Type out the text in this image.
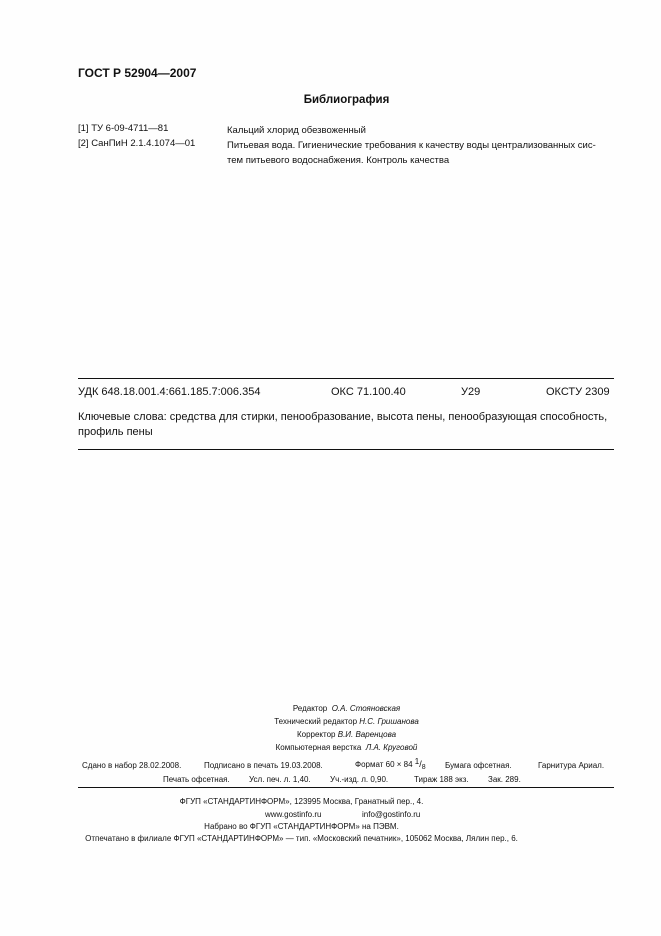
ГОСТ Р 52904—2007
Библиография
[1] ТУ 6-09-4711—81	Кальций хлорид обезвоженный
[2] СанПиН 2.1.4.1074—01	Питьевая вода. Гигиенические требования к качеству воды централизованных сис-
тем питьевого водоснабжения. Контроль качества
УДК 648.18.001.4:661.185.7:006.354	ОКС 71.100.40	У29	ОКСТУ 2309
Ключевые слова: средства для стирки, пенообразование, высота пены, пенообразующая способность, профиль пены
Редактор О.А. Стояновская
Технический редактор Н.С. Гришанова
Корректор В.И. Варенцова
Компьютерная верстка Л.А. Круговой
Сдано в набор 28.02.2008.	Подписано в печать 19.03.2008.	Формат 60 × 84 $1/_8$ Бумага офсетная.	Гарнитура Ариал.
Печать офсетная. Усл. печ. л. 1,40. Уч.-изд. л. 0,90.	Тираж 188 экз. Зак. 289.
ФГУП «СТАНДАРТИНФОРМ», 123995 Москва, Гранатный пер., 4.
www.gostinfo.ru	info@gostinfo.ru
Набрано во ФГУП «СТАНДАРТИНФОРМ» на ПЭВМ.
Отпечатано в филиале ФГУП «СТАНДАРТИНФОРМ» — тип. «Московский печатник», 105062 Москва, Лялин пер., 6.
